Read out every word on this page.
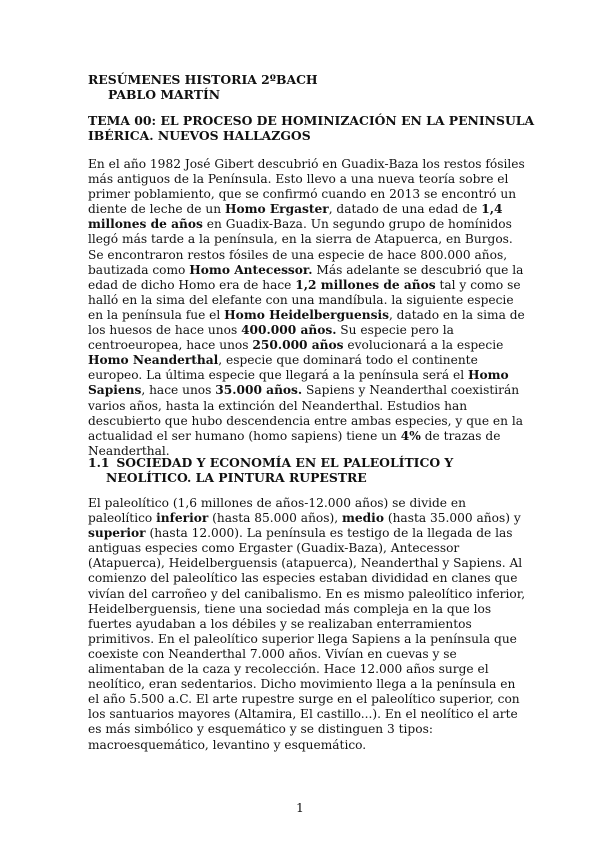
RESÚMENES HISTORIA 2ºBACH
PABLO MARTÍN
TEMA 00: EL PROCESO DE HOMINIZACIÓN EN LA PENINSULA
IBÉRICA. NUEVOS HALLAZGOS
En el año 1982 José Gibert descubrió en Guadix-Baza los restos fósiles
más antiguos de la Península. Esto llevo a una nueva teoría sobre el
primer poblamiento, que se confirmó cuando en 2013 se encontró un
diente de leche de un Homo Ergaster, datado de una edad de 1,4
millones de años en Guadix-Baza. Un segundo grupo de homínidos
llegó más tarde a la península, en la sierra de Atapuerca, en Burgos.
Se encontraron restos fósiles de una especie de hace 800.000 años,
bautizada como Homo Antecessor. Más adelante se descubrió que la
edad de dicho Homo era de hace 1,2 millones de años tal y como se
halló en la sima del elefante con una mandíbula. la siguiente especie
en la península fue el Homo Heidelberguensis, datado en la sima de
los huesos de hace unos 400.000 años. Su especie pero la
centroeuropea, hace unos 250.000 años evolucionará a la especie
Homo Neanderthal, especie que dominará todo el continente
europeo. La última especie que llegará a la península será el Homo
Sapiens, hace unos 35.000 años. Sapiens y Neanderthal coexistirán
varios años, hasta la extinción del Neanderthal. Estudios han
descubierto que hubo descendencia entre ambas especies, y que en la
actualidad el ser humano (homo sapiens) tiene un 4% de trazas de
Neanderthal.
1.1 SOCIEDAD Y ECONOMÍA EN EL PALEOLÍTICO Y
NEOLÍTICO. LA PINTURA RUPESTRE
El paleolítico (1,6 millones de años-12.000 años) se divide en
paleolítico inferior (hasta 85.000 años), medio (hasta 35.000 años) y
superior (hasta 12.000). La península es testigo de la llegada de las
antiguas especies como Ergaster (Guadix-Baza), Antecessor
(Atapuerca), Heidelberguensis (atapuerca), Neanderthal y Sapiens. Al
comienzo del paleolítico las especies estaban divididad en clanes que
vivían del carroñeo y del canibalismo. En es mismo paleolítico inferior,
Heidelberguensis, tiene una sociedad más compleja en la que los
fuertes ayudaban a los débiles y se realizaban enterramientos
primitivos. En el paleolítico superior llega Sapiens a la península que
coexiste con Neanderthal 7.000 años. Vivían en cuevas y se
alimentaban de la caza y recolección. Hace 12.000 años surge el
neolítico, eran sedentarios. Dicho movimiento llega a la península en
el año 5.500 a.C. El arte rupestre surge en el paleolítico superior, con
los santuarios mayores (Altamira, El castillo...). En el neolítico el arte
es más simbólico y esquemático y se distinguen 3 tipos:
macroesquemático, levantino y esquemático.
1
